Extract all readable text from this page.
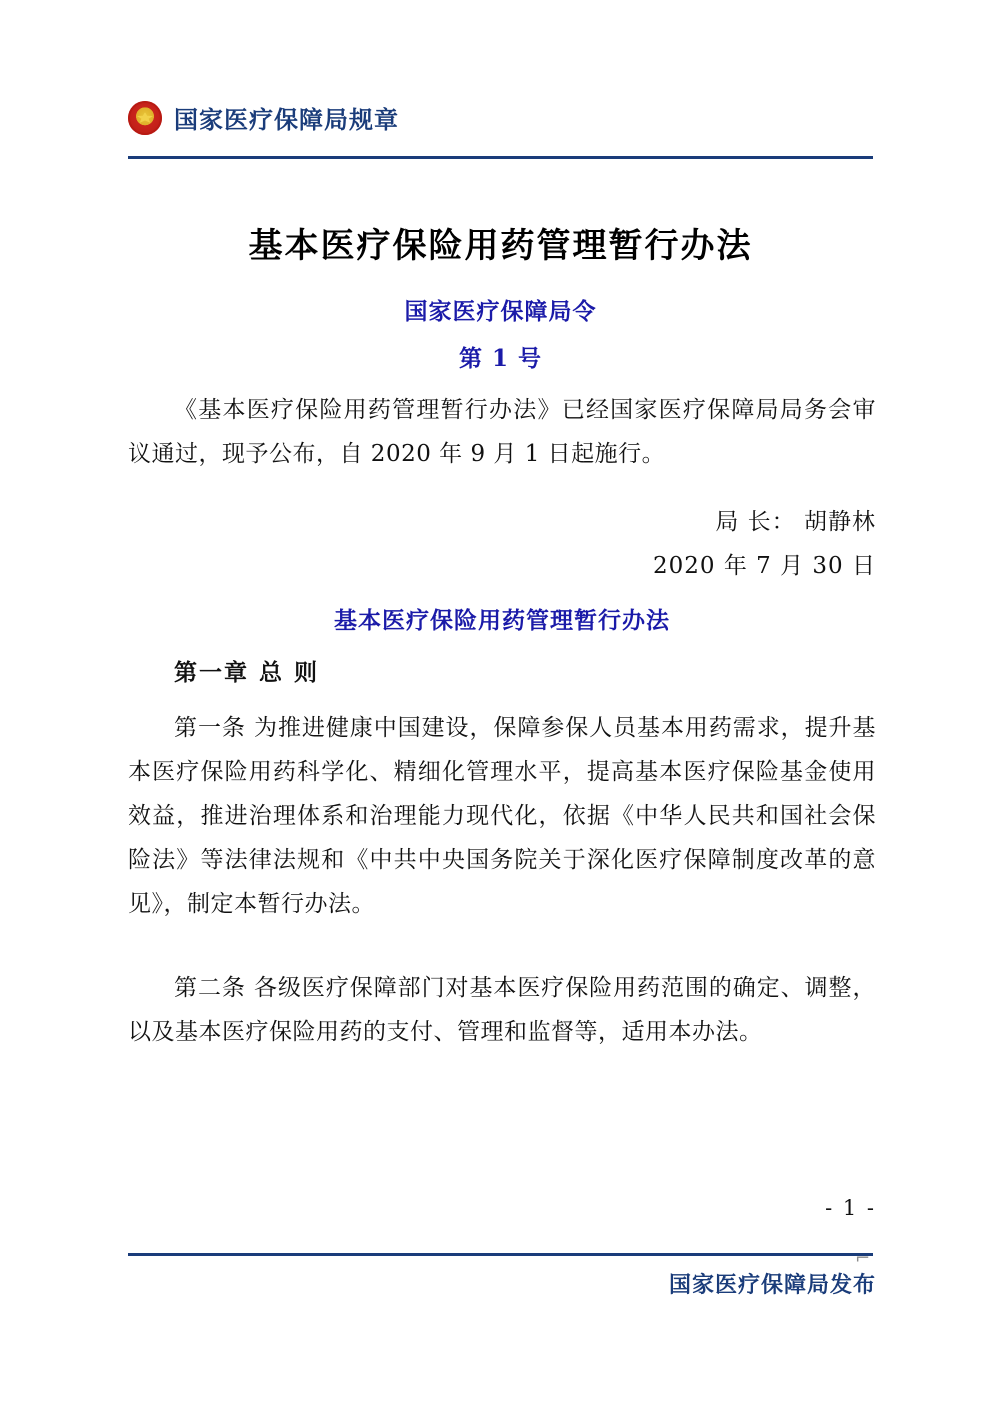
国家医疗保障局规章
基本医疗保险用药管理暂行办法
国家医疗保障局令
第 1 号
《基本医疗保险用药管理暂行办法》已经国家医疗保障局局务会审议通过，现予公布，自 2020 年 9 月 1 日起施行。
局 长： 胡静林
2020 年 7 月 30 日
基本医疗保险用药管理暂行办法
第一章 总 则
第一条 为推进健康中国建设，保障参保人员基本用药需求，提升基本医疗保险用药科学化、精细化管理水平，提高基本医疗保险基金使用效益，推进治理体系和治理能力现代化，依据《中华人民共和国社会保险法》等法律法规和《中共中央国务院关于深化医疗保障制度改革的意见》，制定本暂行办法。
第二条 各级医疗保障部门对基本医疗保险用药范围的确定、调整，以及基本医疗保险用药的支付、管理和监督等，适用本办法。
- 1 -
⌐
国家医疗保障局发布
